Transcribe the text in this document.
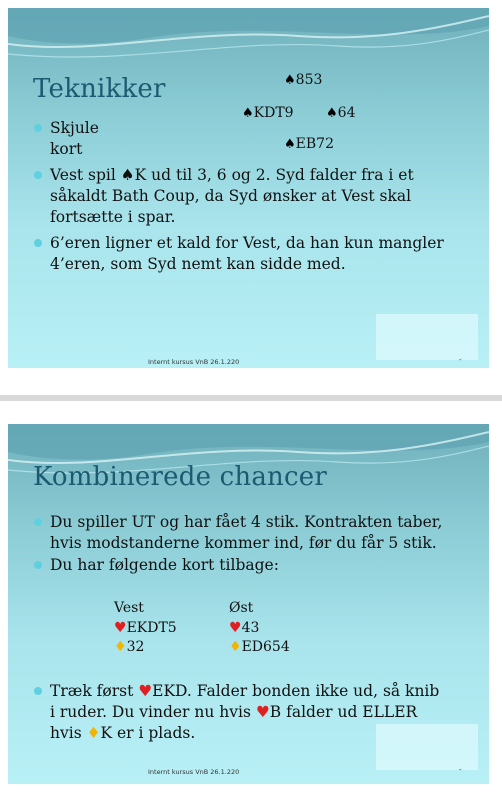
Teknikker	♠853
♠KDT9 ♠64
♠EB72
Skjule kort
Vest spil ♠K ud til 3, 6 og 2. Syd falder fra i et
såkaldt Bath Coup, da Syd ønsker at Vest skal
fortsætte i spar.
6’eren ligner et kald for Vest, da han kun mangler
4’eren, som Syd nemt kan sidde med.
Internt kursus VnB 26.1.220	-
Kombinerede chancer
Du spiller UT og har fået 4 stik. Kontrakten taber,
hvis modstanderne kommer ind, før du får 5 stik.
Du har følgende kort tilbage:
Vest	Øst
♥EKDT5	♥43
♦32	♦ED654
Træk først ♥EKD. Falder bonden ikke ud, så knib
i ruder. Du vinder nu hvis ♥B falder ud ELLER
hvis ♦K er i plads.
Internt kursus VnB 26.1.220	-
